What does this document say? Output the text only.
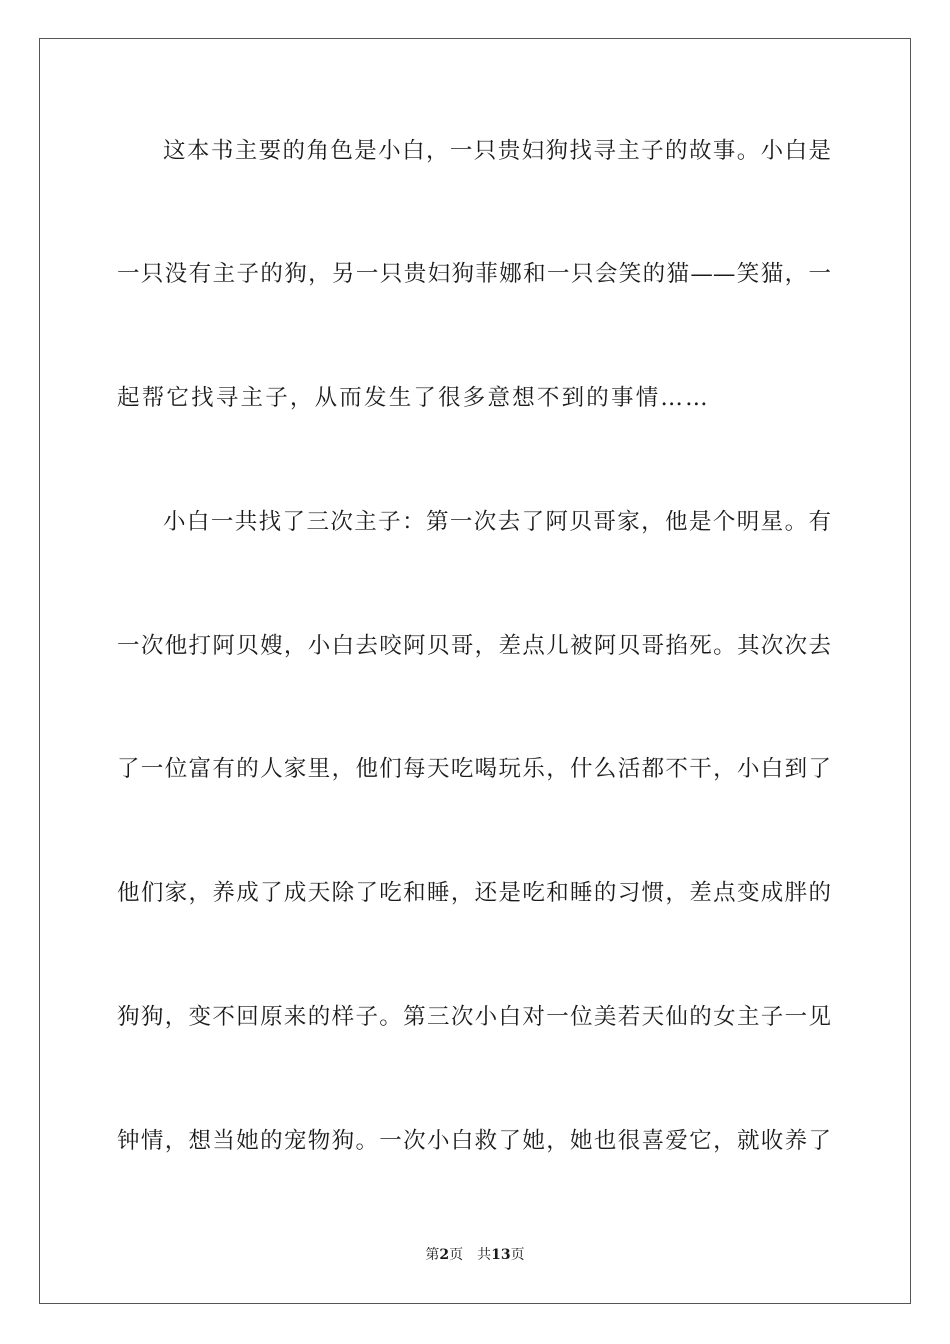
这本书主要的角色是小白，一只贵妇狗找寻主子的故事。小白是
一只没有主子的狗，另一只贵妇狗菲娜和一只会笑的猫——笑猫，一
起帮它找寻主子，从而发生了很多意想不到的事情……
小白一共找了三次主子：第一次去了阿贝哥家，他是个明星。有
一次他打阿贝嫂，小白去咬阿贝哥，差点儿被阿贝哥掐死。其次次去
了一位富有的人家里，他们每天吃喝玩乐，什么活都不干，小白到了
他们家，养成了成天除了吃和睡，还是吃和睡的习惯，差点变成胖的
狗狗，变不回原来的样子。第三次小白对一位美若天仙的女主子一见
钟情，想当她的宠物狗。一次小白救了她，她也很喜爱它，就收养了
第2页 共13页
